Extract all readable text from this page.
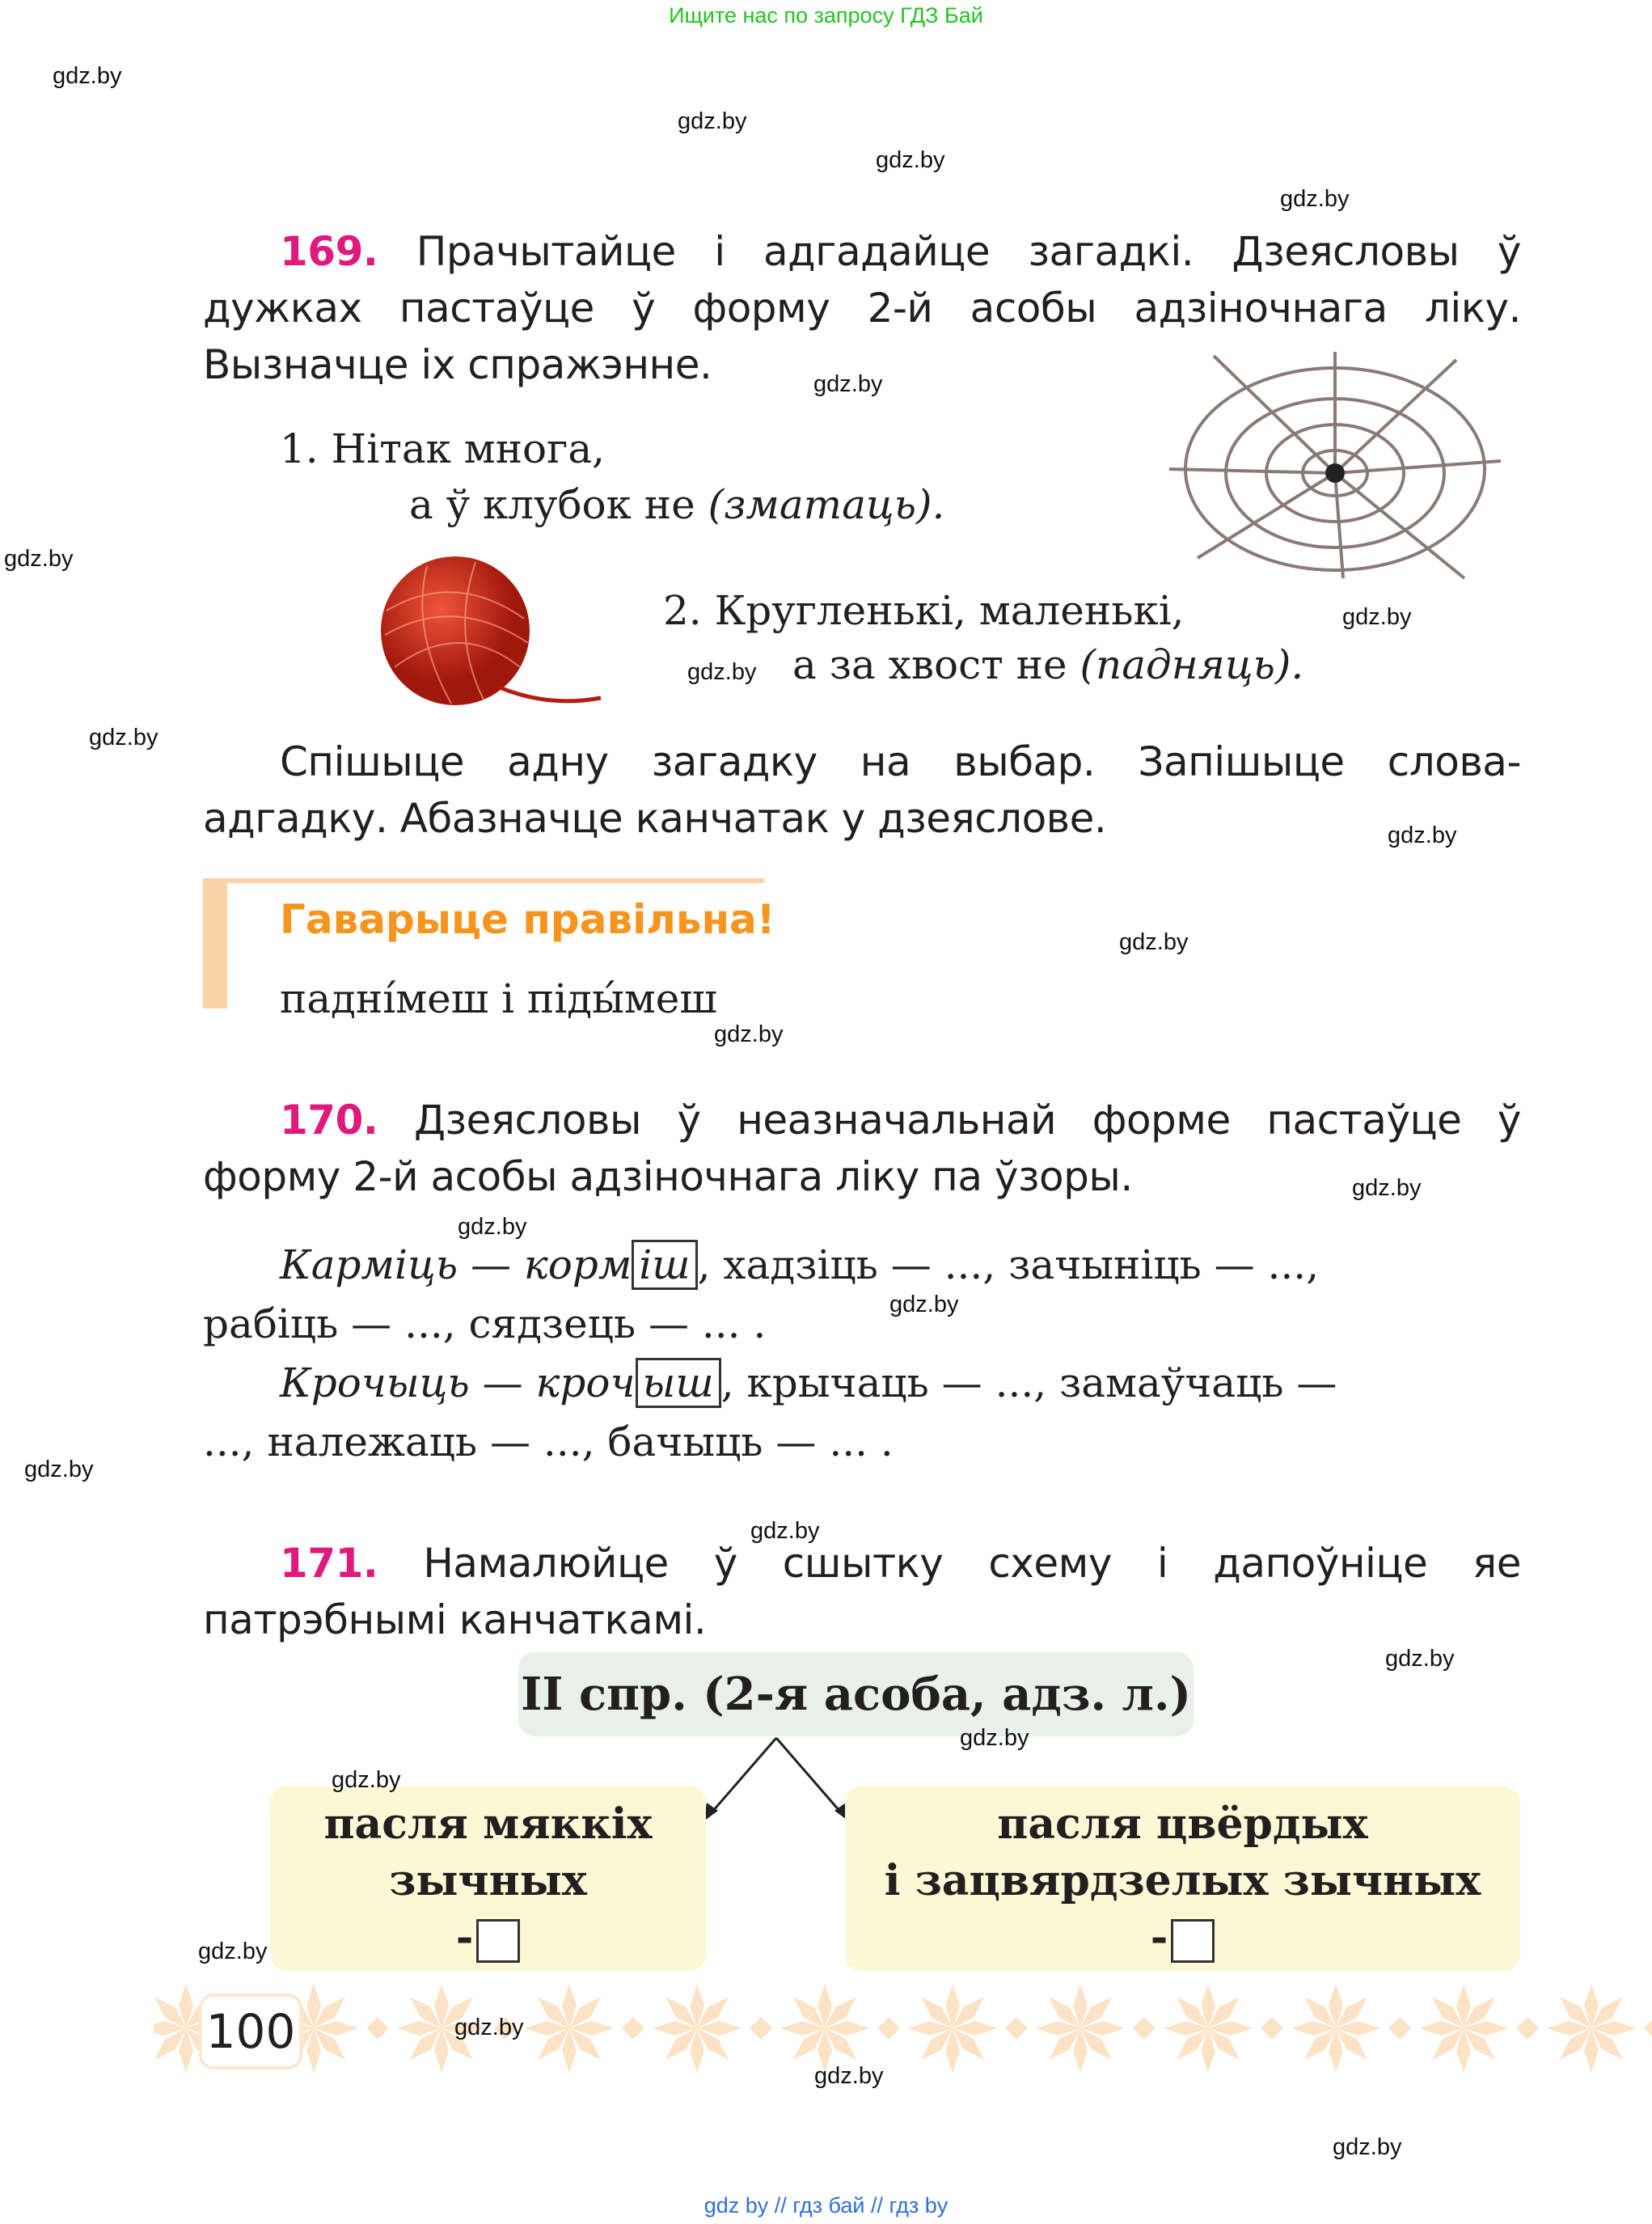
Ищите нас по запросу ГДЗ Бай
169. Прачытайце і адгадайце загадкі. Дзеясловы ў дужках пастаўце ў форму 2-й асобы адзіночнага ліку. Вызначце іх спражэнне.
1. Нітак многа,
а ў клубок не (зматаць).
2. Кругленькі, маленькі,
а за хвост не (падняць).
Спішыце адну загадку на выбар. Запішыце слова-адгадку. Абазначце канчатак у дзеяслове.
Гаварыце правільна!
падні́меш і піды́меш
170. Дзеясловы ў неазначальнай форме пастаўце ў форму 2-й асобы адзіночнага ліку па ўзоры.
Карміць — корм іш , хадзіць — ..., зачыніць — ...,
рабіць — ..., сядзець — ... .
Крочыць — кроч ыш , крычаць — ..., замаўчаць —
..., належаць — ..., бачыць — ... .
171. Намалюйце ў сшытку схему і дапоўніце яе патрэбнымі канчаткамі.
II спр. (2-я асоба, адз. л.)
пасля мяккіх
зычных
-
пасля цвёрдых
і зацвярдзелых зычных
-
100
gdz by // гдз бай // гдз by
gdz.by
gdz.by
gdz.by
gdz.by
gdz.by
gdz.by
gdz.by
gdz.by
gdz.by
gdz.by
gdz.by
gdz.by
gdz.by
gdz.by
gdz.by
gdz.by
gdz.by
gdz.by
gdz.by
gdz.by
gdz.by
gdz.by
gdz.by
gdz.by
